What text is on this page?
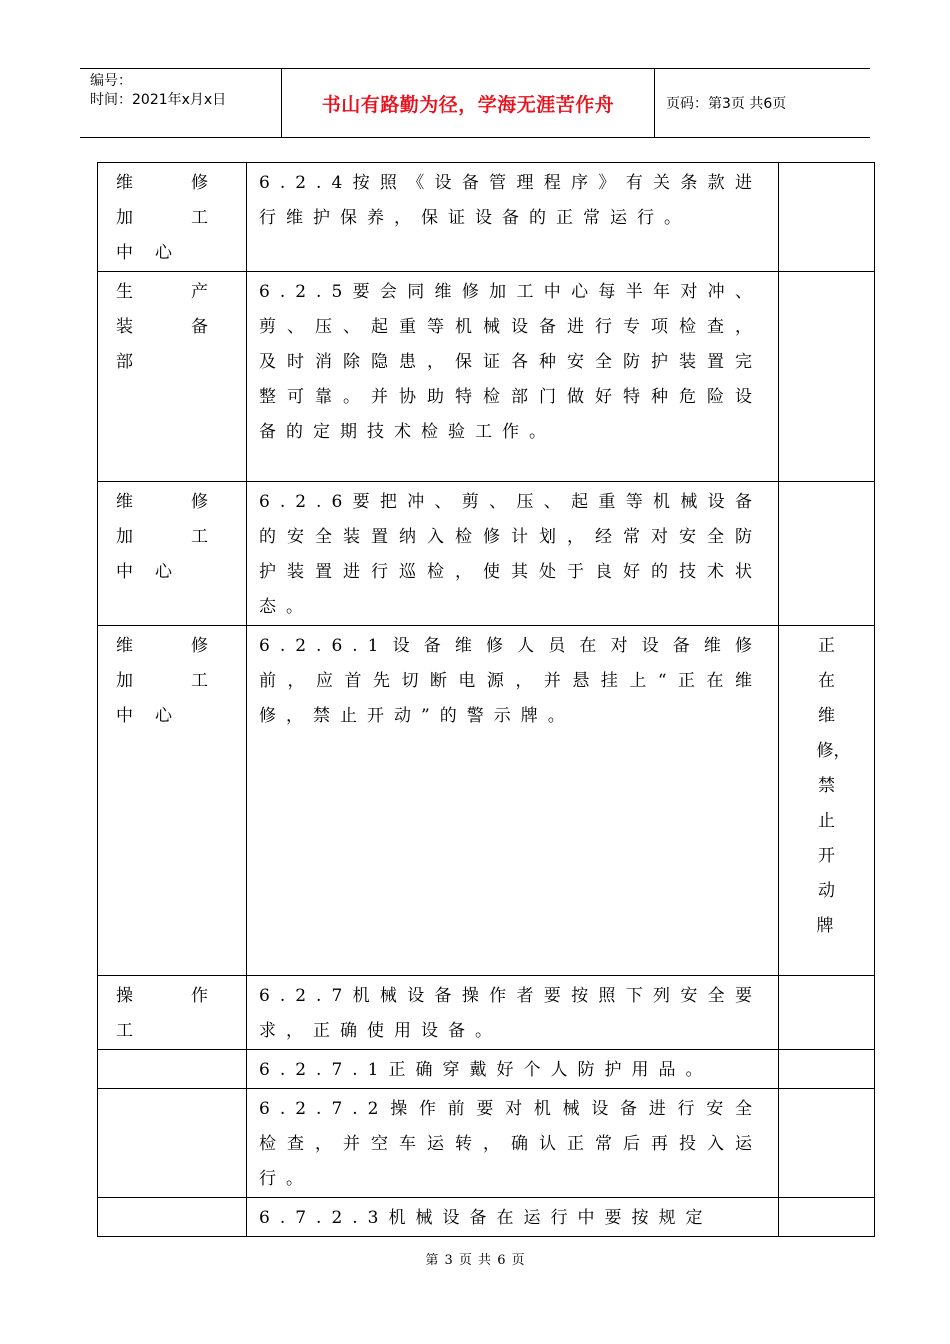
编号：
时间：2021年x月x日	书山有路勤为径，学海无涯苦作舟	页码：第3页 共6页
维修加工中心	6.2.4按照《设备管理程序》有关条款进行维护保养，保证设备的正常运行。	

生产装备部	6.2.5要会同维修加工中心每半年对冲、剪、压、起重等机械设备进行专项检查，及时消除隐患，保证各种安全防护装置完整可靠。并协助特检部门做好特种危险设备的定期技术检验工作。	

维修加工中心	6.2.6要把冲、剪、压、起重等机械设备的安全装置纳入检修计划，经常对安全防护装置进行巡检，使其处于良好的技术状态。	

维修加工中心	6.2.6.1设备维修人员在对设备维修前，应首先切断电源，并悬挂上“正在维修，禁止开动”的警示牌。	正在维修，禁止开动牌

操作工	6.2.7机械设备操作者要按照下列安全要求，正确使用设备。	

	6.2.7.1正确穿戴好个人防护用品。	

	6.2.7.2操作前要对机械设备进行安全检查，并空车运转，确认正常后再投入运行。	

	6.7.2.3机械设备在运行中要按规定	

第 3 页 共 6 页
